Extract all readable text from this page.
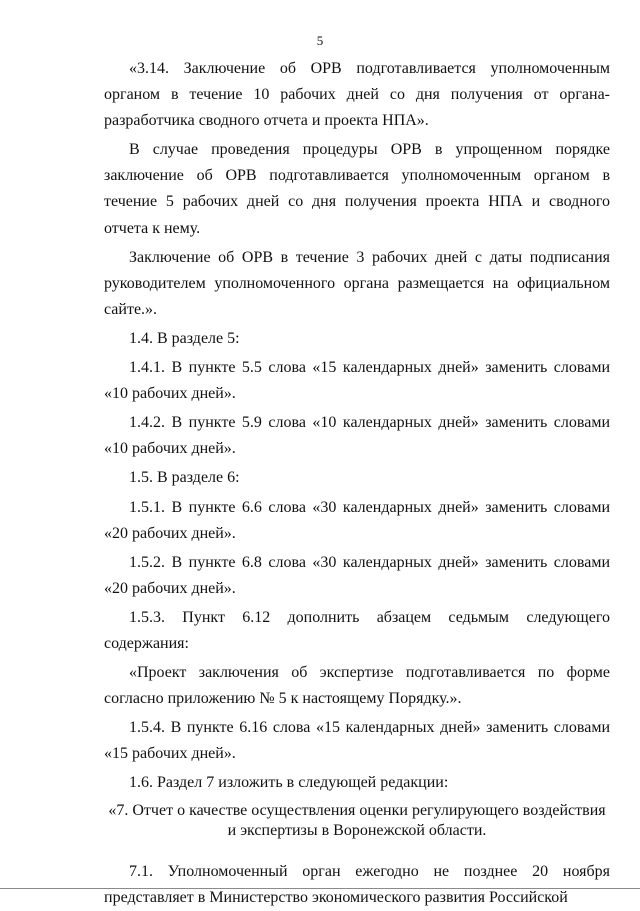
5

«3.14. Заключение об ОРВ подготавливается уполномоченным органом в течение 10 рабочих дней со дня получения от органа-разработчика сводного отчета и проекта НПА».

В случае проведения процедуры ОРВ в упрощенном порядке заключение об ОРВ подготавливается уполномоченным органом в течение 5 рабочих дней со дня получения проекта НПА и сводного отчета к нему.

Заключение об ОРВ в течение 3 рабочих дней с даты подписания руководителем уполномоченного органа размещается на официальном сайте.».

1.4. В разделе 5:

1.4.1. В пункте 5.5 слова «15 календарных дней» заменить словами «10 рабочих дней».

1.4.2. В пункте 5.9 слова «10 календарных дней» заменить словами «10 рабочих дней».

1.5. В разделе 6:

1.5.1. В пункте 6.6 слова «30 календарных дней» заменить словами «20 рабочих дней».

1.5.2. В пункте 6.8 слова «30 календарных дней» заменить словами «20 рабочих дней».

1.5.3. Пункт 6.12 дополнить абзацем седьмым следующего содержания:

«Проект заключения об экспертизе подготавливается по форме согласно приложению № 5 к настоящему Порядку.».

1.5.4. В пункте 6.16 слова «15 календарных дней» заменить словами «15 рабочих дней».

1.6. Раздел 7 изложить в следующей редакции:

«7. Отчет о качестве осуществления оценки регулирующего воздействия и экспертизы в Воронежской области.

7.1. Уполномоченный орган ежегодно не позднее 20 ноября представляет в Министерство экономического развития Российской
